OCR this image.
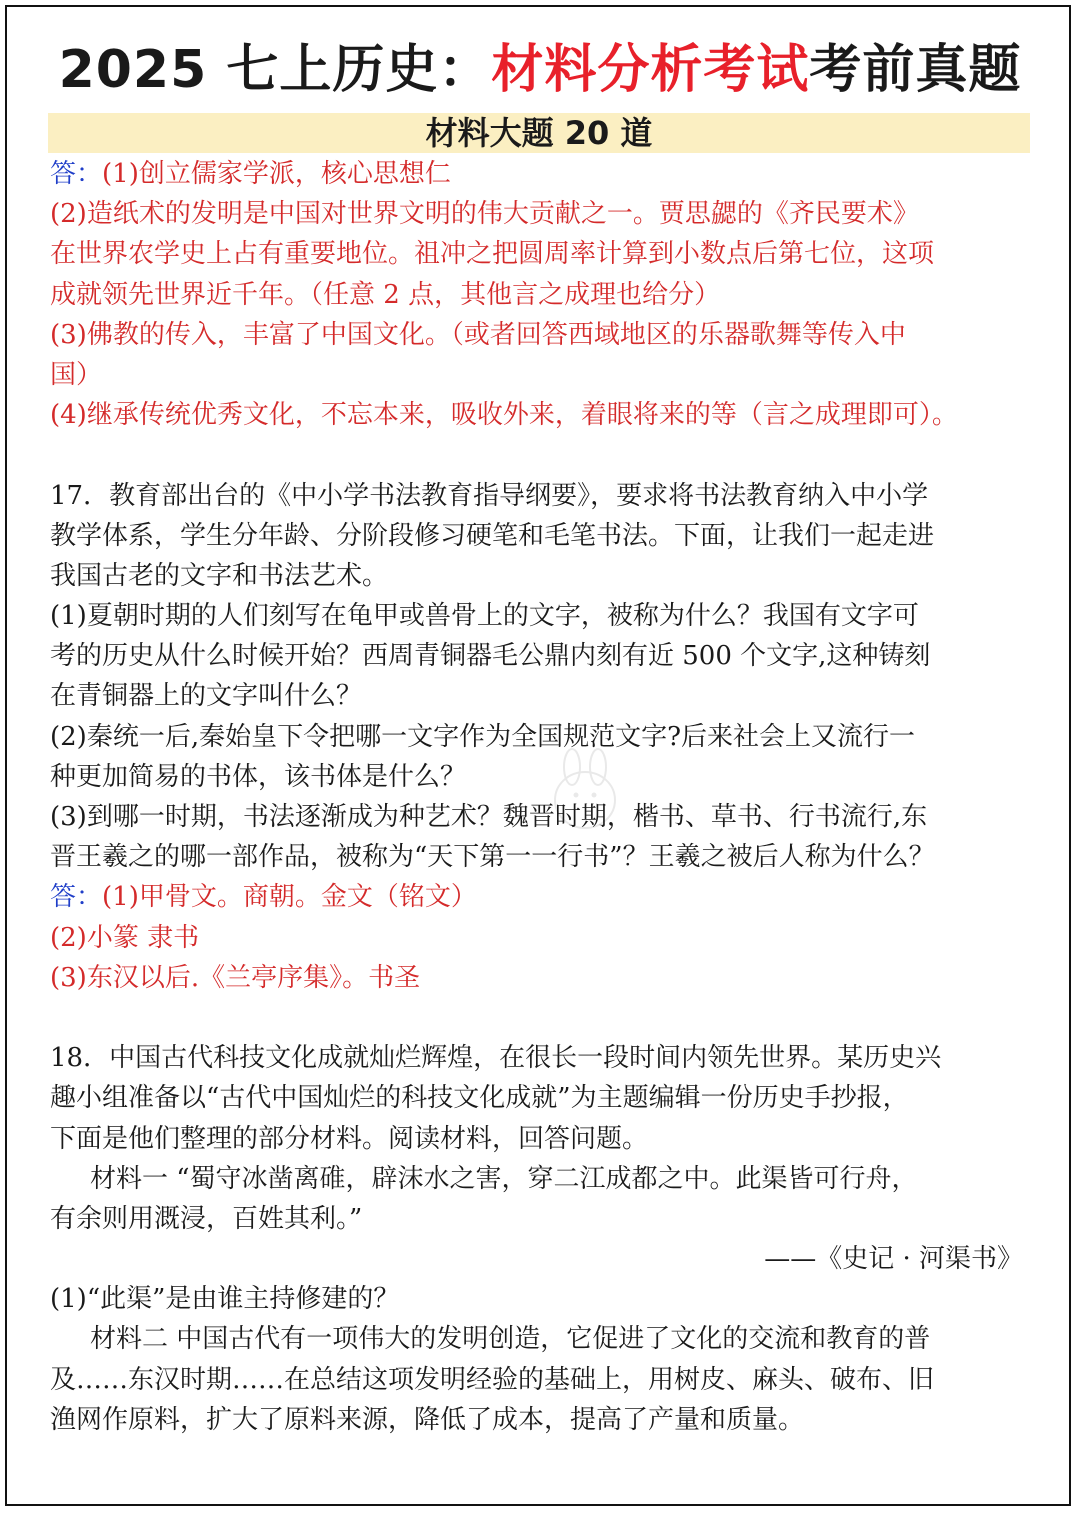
2025 七上历史：材料分析考试考前真题
材料大题 20 道
答：(1)创立儒家学派，核心思想仁
(2)造纸术的发明是中国对世界文明的伟大贡献之一。贾思勰的《齐民要术》
在世界农学史上占有重要地位。祖冲之把圆周率计算到小数点后第七位，这项
成就领先世界近千年。（任意 2 点，其他言之成理也给分）
(3)佛教的传入，丰富了中国文化。（或者回答西域地区的乐器歌舞等传入中
国）
(4)继承传统优秀文化，不忘本来，吸收外来，着眼将来的等（言之成理即可）。
17．教育部出台的《中小学书法教育指导纲要》，要求将书法教育纳入中小学
教学体系，学生分年龄、分阶段修习硬笔和毛笔书法。下面，让我们一起走进
我国古老的文字和书法艺术。
(1)夏朝时期的人们刻写在龟甲或兽骨上的文字，被称为什么？我国有文字可
考的历史从什么时候开始？西周青铜器毛公鼎内刻有近 500 个文字,这种铸刻
在青铜器上的文字叫什么？
(2)秦统一后,秦始皇下令把哪一文字作为全国规范文字?后来社会上又流行一
种更加简易的书体，该书体是什么？
(3)到哪一时期，书法逐渐成为种艺术？魏晋时期，楷书、草书、行书流行,东
晋王羲之的哪一部作品，被称为“天下第一一行书”？王羲之被后人称为什么？
答：(1)甲骨文。商朝。金文（铭文）
(2)小篆 隶书
(3)东汉以后.《兰亭序集》。书圣
18．中国古代科技文化成就灿烂辉煌，在很长一段时间内领先世界。某历史兴
趣小组准备以“古代中国灿烂的科技文化成就”为主题编辑一份历史手抄报，
下面是他们整理的部分材料。阅读材料，回答问题。
材料一 “蜀守冰凿离碓，辟沫水之害，穿二江成都之中。此渠皆可行舟，
有余则用溉浸，百姓其利。”
——《史记 · 河渠书》
(1)“此渠”是由谁主持修建的？
材料二 中国古代有一项伟大的发明创造，它促进了文化的交流和教育的普
及……东汉时期……在总结这项发明经验的基础上，用树皮、麻头、破布、旧
渔网作原料，扩大了原料来源，降低了成本，提高了产量和质量。
